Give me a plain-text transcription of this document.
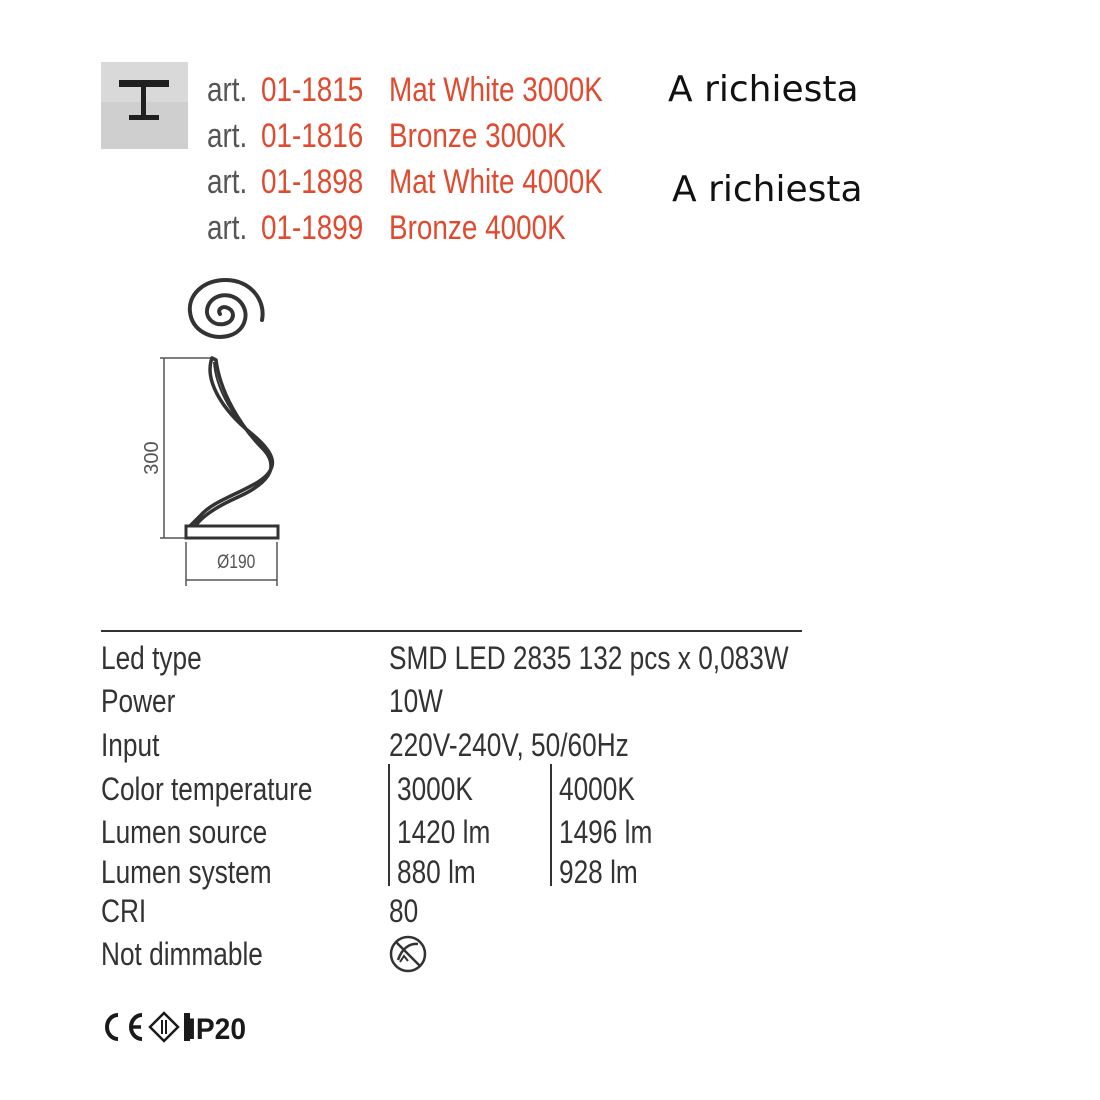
art. 01-1815 Mat White 3000K
art. 01-1816 Bronze 3000K
art. 01-1898 Mat White 4000K
art. 01-1899 Bronze 4000K
A richiesta
A richiesta
300
Ø190
Led type	SMD LED 2835 132 pcs x 0,083W
Power	10W
Input	220V-240V, 50/60Hz
Color temperature	3000K	4000K
Lumen source	1420 lm	1496 lm
Lumen system	880 lm	928 lm
CRI	80
Not dimmable
IP20
